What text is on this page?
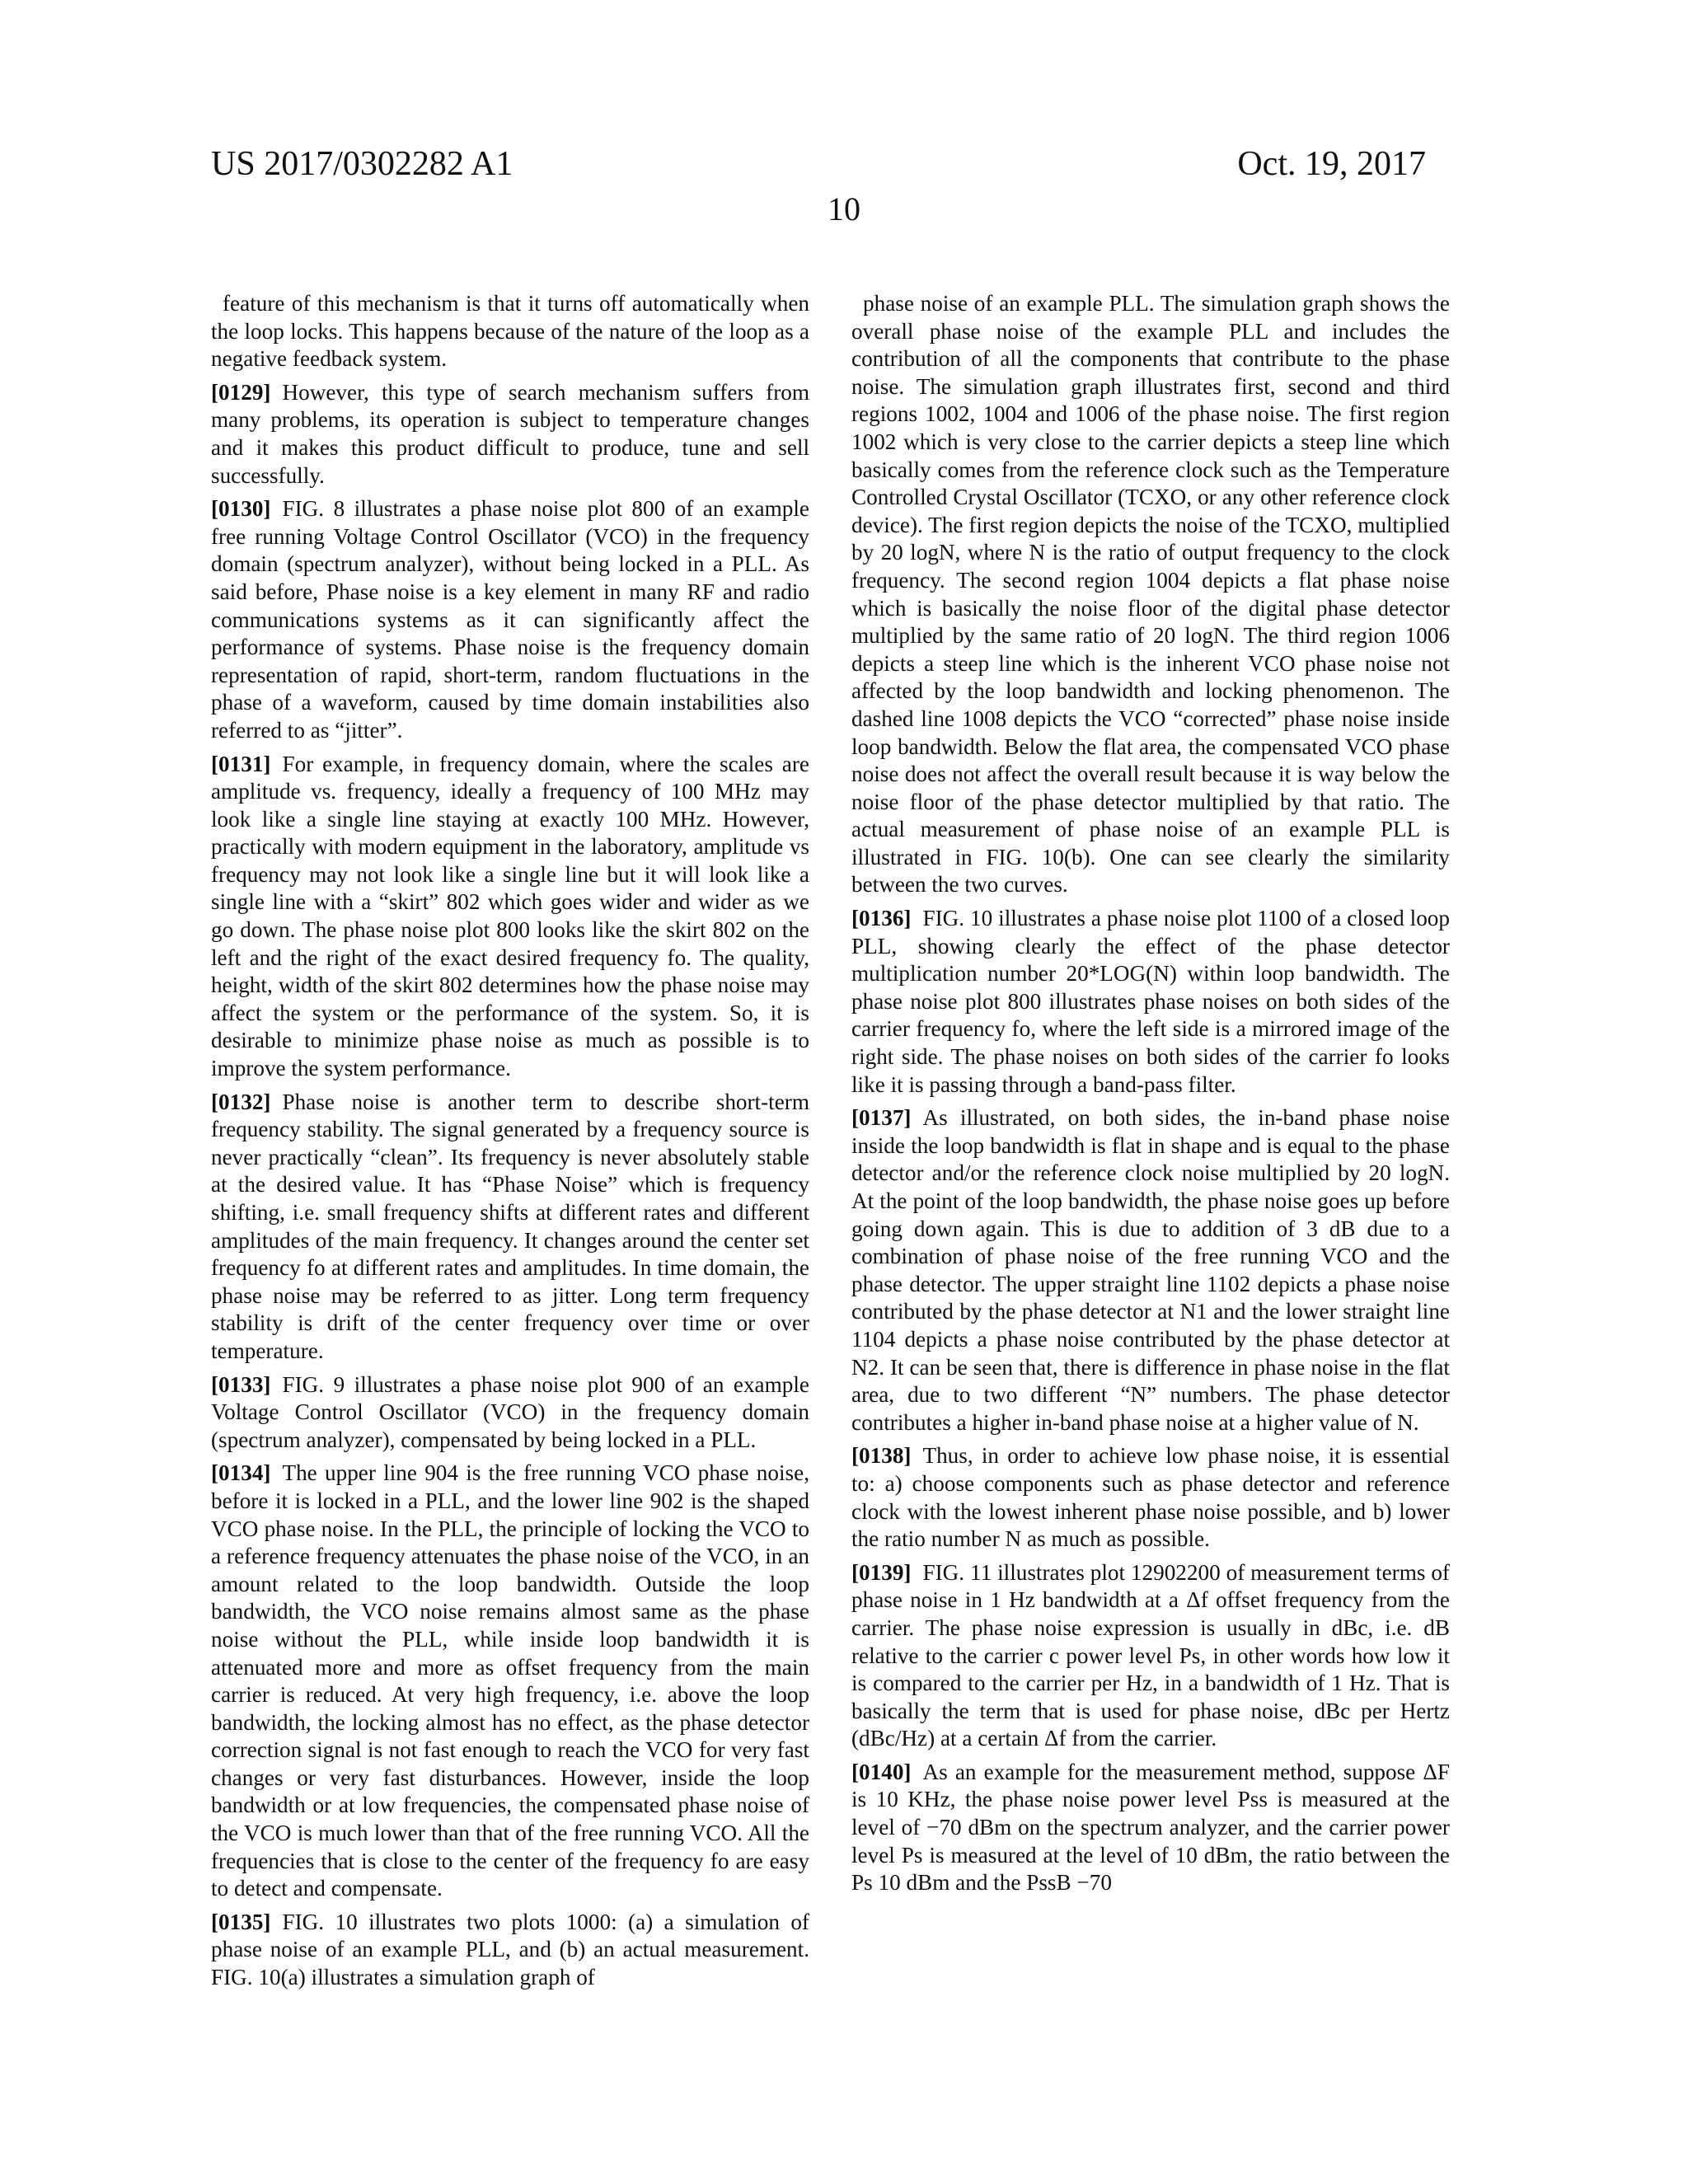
US 2017/0302282 A1	Oct. 19, 2017
10

feature of this mechanism is that it turns off automatically when the loop locks. This happens because of the nature of the loop as a negative feedback system.

[0129] However, this type of search mechanism suffers from many problems, its operation is subject to temperature changes and it makes this product difficult to produce, tune and sell successfully.

[0130] FIG. 8 illustrates a phase noise plot 800 of an example free running Voltage Control Oscillator (VCO) in the frequency domain (spectrum analyzer), without being locked in a PLL. As said before, Phase noise is a key element in many RF and radio communications systems as it can significantly affect the performance of systems. Phase noise is the frequency domain representation of rapid, short-term, random fluctuations in the phase of a waveform, caused by time domain instabilities also referred to as “jitter”.

[0131] For example, in frequency domain, where the scales are amplitude vs. frequency, ideally a frequency of 100 MHz may look like a single line staying at exactly 100 MHz. However, practically with modern equipment in the laboratory, amplitude vs frequency may not look like a single line but it will look like a single line with a “skirt” 802 which goes wider and wider as we go down. The phase noise plot 800 looks like the skirt 802 on the left and the right of the exact desired frequency fo. The quality, height, width of the skirt 802 determines how the phase noise may affect the system or the performance of the system. So, it is desirable to minimize phase noise as much as possible is to improve the system performance.

[0132] Phase noise is another term to describe short-term frequency stability. The signal generated by a frequency source is never practically “clean”. Its frequency is never absolutely stable at the desired value. It has “Phase Noise” which is frequency shifting, i.e. small frequency shifts at different rates and different amplitudes of the main frequency. It changes around the center set frequency fo at different rates and amplitudes. In time domain, the phase noise may be referred to as jitter. Long term frequency stability is drift of the center frequency over time or over temperature.

[0133] FIG. 9 illustrates a phase noise plot 900 of an example Voltage Control Oscillator (VCO) in the frequency domain (spectrum analyzer), compensated by being locked in a PLL.

[0134] The upper line 904 is the free running VCO phase noise, before it is locked in a PLL, and the lower line 902 is the shaped VCO phase noise. In the PLL, the principle of locking the VCO to a reference frequency attenuates the phase noise of the VCO, in an amount related to the loop bandwidth. Outside the loop bandwidth, the VCO noise remains almost same as the phase noise without the PLL, while inside loop bandwidth it is attenuated more and more as offset frequency from the main carrier is reduced. At very high frequency, i.e. above the loop bandwidth, the locking almost has no effect, as the phase detector correction signal is not fast enough to reach the VCO for very fast changes or very fast disturbances. However, inside the loop bandwidth or at low frequencies, the compensated phase noise of the VCO is much lower than that of the free running VCO. All the frequencies that is close to the center of the frequency fo are easy to detect and compensate.

[0135] FIG. 10 illustrates two plots 1000: (a) a simulation of phase noise of an example PLL, and (b) an actual measurement. FIG. 10(a) illustrates a simulation graph of

phase noise of an example PLL. The simulation graph shows the overall phase noise of the example PLL and includes the contribution of all the components that contribute to the phase noise. The simulation graph illustrates first, second and third regions 1002, 1004 and 1006 of the phase noise. The first region 1002 which is very close to the carrier depicts a steep line which basically comes from the reference clock such as the Temperature Controlled Crystal Oscillator (TCXO, or any other reference clock device). The first region depicts the noise of the TCXO, multiplied by 20 logN, where N is the ratio of output frequency to the clock frequency. The second region 1004 depicts a flat phase noise which is basically the noise floor of the digital phase detector multiplied by the same ratio of 20 logN. The third region 1006 depicts a steep line which is the inherent VCO phase noise not affected by the loop bandwidth and locking phenomenon. The dashed line 1008 depicts the VCO “corrected” phase noise inside loop bandwidth. Below the flat area, the compensated VCO phase noise does not affect the overall result because it is way below the noise floor of the phase detector multiplied by that ratio. The actual measurement of phase noise of an example PLL is illustrated in FIG. 10(b). One can see clearly the similarity between the two curves.

[0136] FIG. 10 illustrates a phase noise plot 1100 of a closed loop PLL, showing clearly the effect of the phase detector multiplication number 20*LOG(N) within loop bandwidth. The phase noise plot 800 illustrates phase noises on both sides of the carrier frequency fo, where the left side is a mirrored image of the right side. The phase noises on both sides of the carrier fo looks like it is passing through a band-pass filter.

[0137] As illustrated, on both sides, the in-band phase noise inside the loop bandwidth is flat in shape and is equal to the phase detector and/or the reference clock noise multiplied by 20 logN. At the point of the loop bandwidth, the phase noise goes up before going down again. This is due to addition of 3 dB due to a combination of phase noise of the free running VCO and the phase detector. The upper straight line 1102 depicts a phase noise contributed by the phase detector at N1 and the lower straight line 1104 depicts a phase noise contributed by the phase detector at N2. It can be seen that, there is difference in phase noise in the flat area, due to two different “N” numbers. The phase detector contributes a higher in-band phase noise at a higher value of N.

[0138] Thus, in order to achieve low phase noise, it is essential to: a) choose components such as phase detector and reference clock with the lowest inherent phase noise possible, and b) lower the ratio number N as much as possible.

[0139] FIG. 11 illustrates plot 12902200 of measurement terms of phase noise in 1 Hz bandwidth at a Δf offset frequency from the carrier. The phase noise expression is usually in dBc, i.e. dB relative to the carrier c power level Ps, in other words how low it is compared to the carrier per Hz, in a bandwidth of 1 Hz. That is basically the term that is used for phase noise, dBc per Hertz (dBc/Hz) at a certain Δf from the carrier.

[0140] As an example for the measurement method, suppose ΔF is 10 KHz, the phase noise power level Pss is measured at the level of −70 dBm on the spectrum analyzer, and the carrier power level Ps is measured at the level of 10 dBm, the ratio between the Ps 10 dBm and the PssB −70
